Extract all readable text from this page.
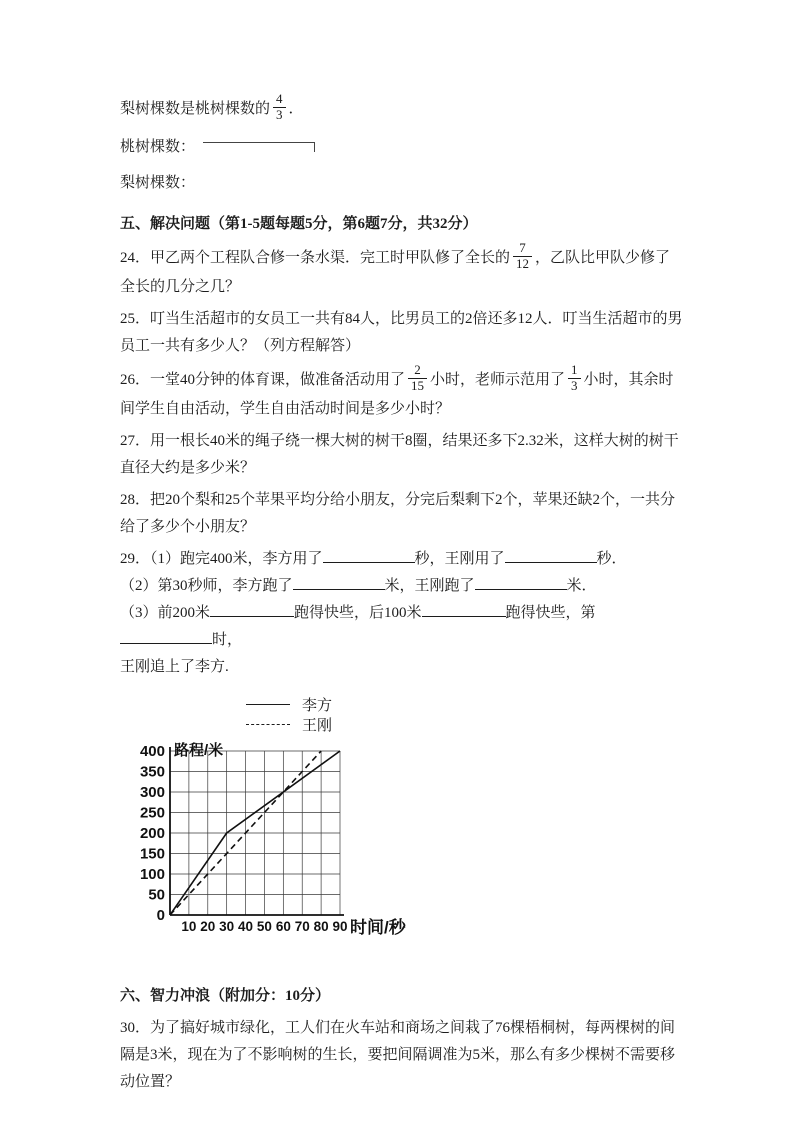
梨树棵数是桃树棵数的 $\frac{4}{3}$ ．

桃树棵数：

梨树棵数：

五、解决问题（第1-5题每题5分，第6题7分，共32分）

24．甲乙两个工程队合修一条水渠．完工时甲队修了全长的 $\frac{7}{12}$ ，乙队比甲队少修了全长的几分之几？

25．叮当生活超市的女员工一共有84人，比男员工的2倍还多12人．叮当生活超市的男员工一共有多少人？（列方程解答）

26．一堂40分钟的体育课，做准备活动用了 $\frac{2}{15}$ 小时，老师示范用了 $\frac{1}{3}$ 小时，其余时间学生自由活动，学生自由活动时间是多少小时？

27．用一根长40米的绳子绕一棵大树的树干8圈，结果还多下2.32米，这样大树的树干直径大约是多少米？

28．把20个梨和25个苹果平均分给小朋友，分完后梨剩下2个，苹果还缺2个，一共分给了多少个小朋友？

29．（1）跑完400米，李方用了	秒，王刚用了	秒．

（2）第30秒师，李方跑了	米，王刚跑了	米．

（3）前200米	跑得快些，后100米	跑得快些，第时，

王刚追上了李方.

李方
王刚
0
50
100
150
200
250
300
350
400
10 20 30 40 50 60 70 80 90
路程/米
时间/秒

六、智力冲浪（附加分：10分）

30．为了搞好城市绿化，工人们在火车站和商场之间栽了76棵梧桐树，每两棵树的间隔是3米，现在为了不影响树的生长，要把间隔调准为5米，那么有多少棵树不需要移动位置？
